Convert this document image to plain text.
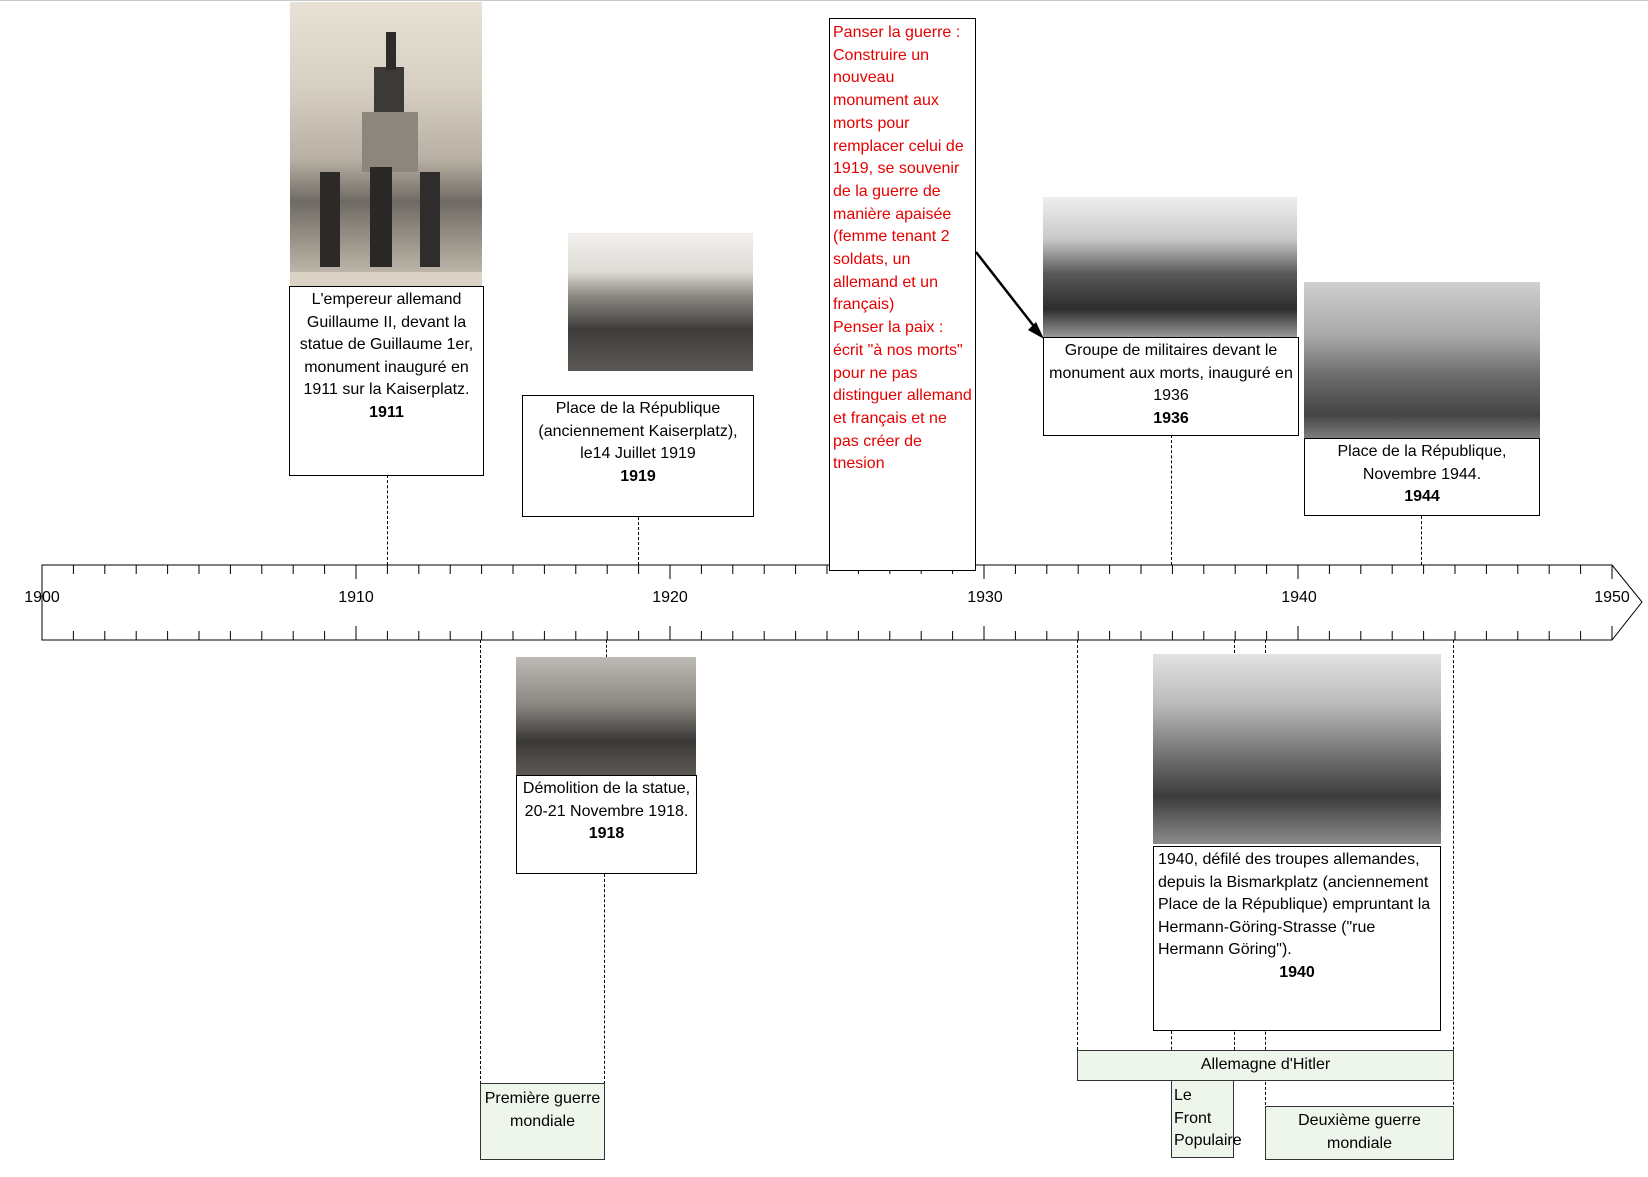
1900	1910	1920	1930	1940	1950
L'empereur allemand Guillaume II, devant la statue de Guillaume 1er, monument inauguré en 1911 sur la Kaiserplatz.
1911	Place de la République (anciennement Kaiserplatz), le14 Juillet 1919
1919
Groupe de militaires devant le monument aux morts, inauguré en 1936
1936
Place de la République, Novembre 1944.
1944
Démolition de la statue, 20-21 Novembre 1918.
1918
1940, défilé des troupes allemandes, depuis la Bismarkplatz (anciennement Place de la République) empruntant la Hermann-Göring-Strasse ("rue Hermann Göring").
1940
Panser la guerre : Construire un nouveau monument aux morts pour remplacer celui de 1919, se souvenir de la guerre de manière apaisée (femme tenant 2 soldats, un allemand et un français)
Penser la paix : écrit "à nos morts" pour ne pas distinguer allemand et français et ne pas créer de tnesion
Première guerre mondiale
Allemagne d'Hitler
Le Front Populaire
Deuxième guerre mondiale
